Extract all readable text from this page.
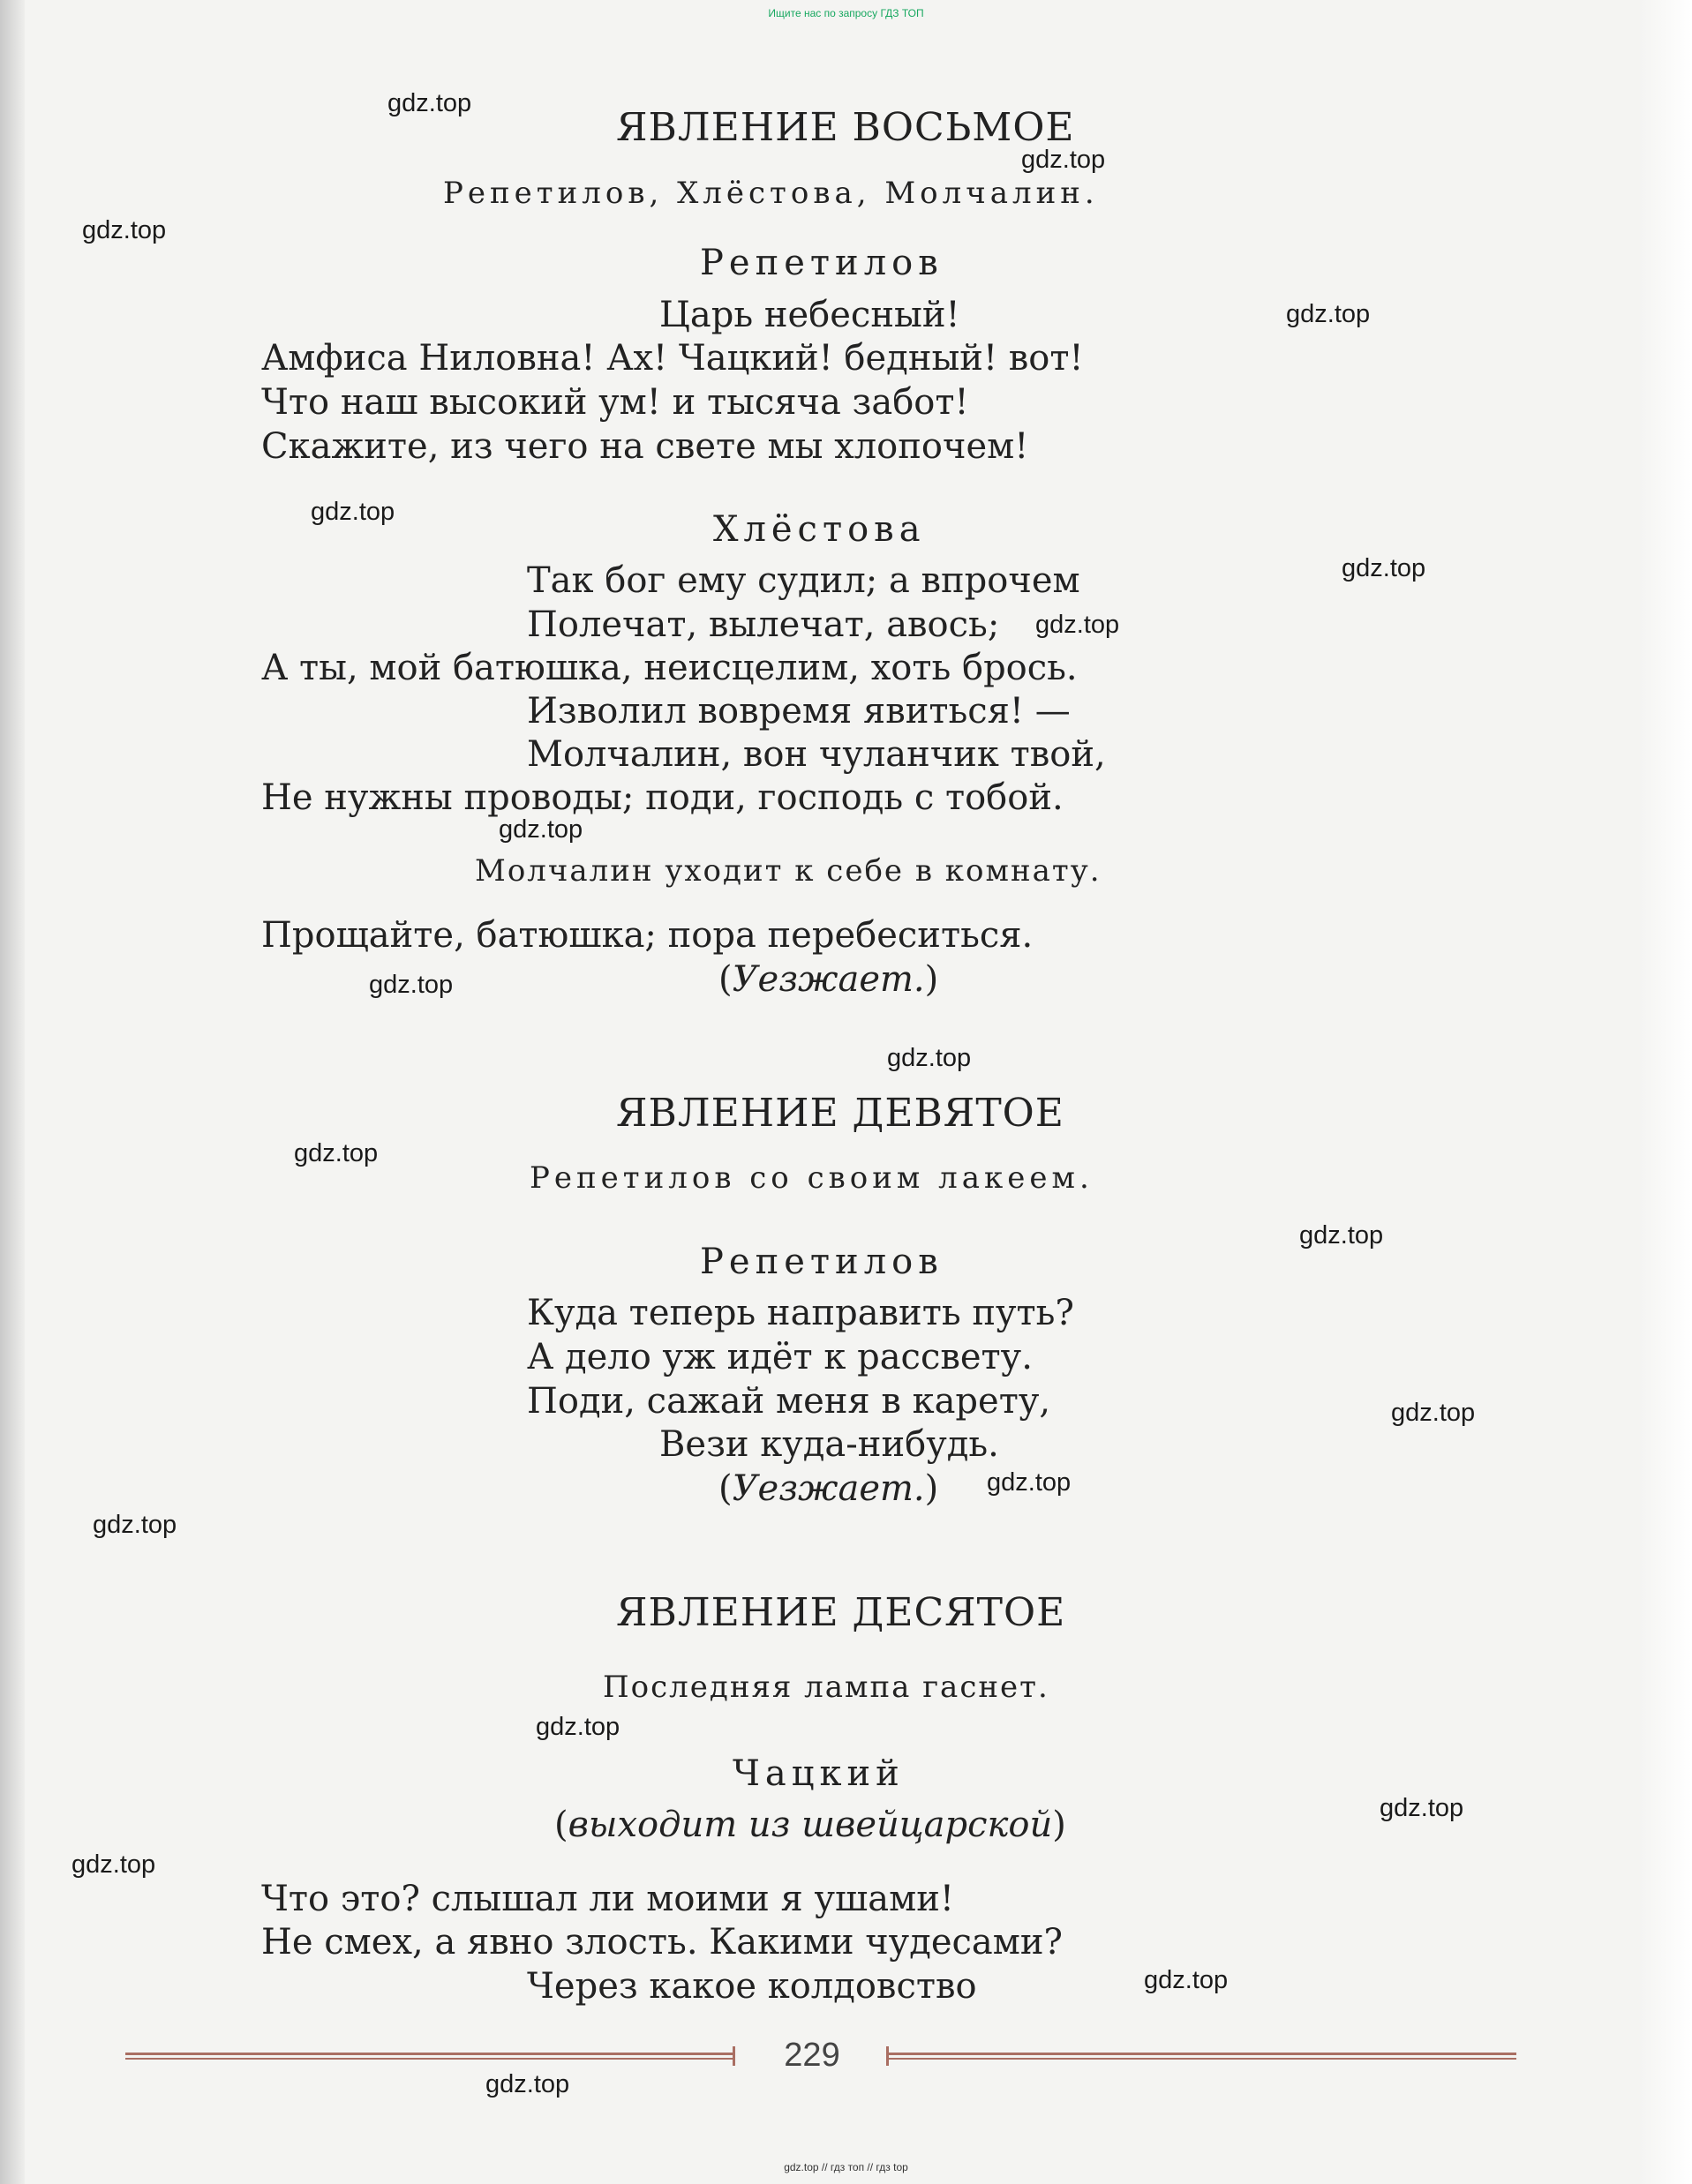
Ищите нас по запросу ГДЗ ТОП
ЯВЛЕНИЕ ВОСЬМОЕ
Репетилов, Хлёстова, Молчалин.
Репетилов
Царь небесный!
Амфиса Ниловна! Ах! Чацкий! бедный! вот!
Что наш высокий ум! и тысяча забот!
Скажите, из чего на свете мы хлопочем!
Хлёстова
Так бог ему судил; а впрочем
Полечат, вылечат, авось;
А ты, мой батюшка, неисцелим, хоть брось.
Изволил вовремя явиться! —
Молчалин, вон чуланчик твой,
Не нужны проводы; поди, господь с тобой.
Молчалин уходит к себе в комнату.
Прощайте, батюшка; пора перебеситься.
(Уезжает.)
ЯВЛЕНИЕ ДЕВЯТОЕ
Репетилов со своим лакеем.
Репетилов
Куда теперь направить путь?
А дело уж идёт к рассвету.
Поди, сажай меня в карету,
Вези куда-нибудь.
(Уезжает.)
ЯВЛЕНИЕ ДЕСЯТОЕ
Последняя лампа гаснет.
Чацкий
(выходит из швейцарской)
Что это? слышал ли моими я ушами!
Не смех, а явно злость. Какими чудесами?
Через какое колдовство
229
gdz.top // гдз топ // гдз top
gdz.top
gdz.top
gdz.top
gdz.top
gdz.top
gdz.top
gdz.top
gdz.top
gdz.top
gdz.top
gdz.top
gdz.top
gdz.top
gdz.top
gdz.top
gdz.top
gdz.top
gdz.top
gdz.top
gdz.top
